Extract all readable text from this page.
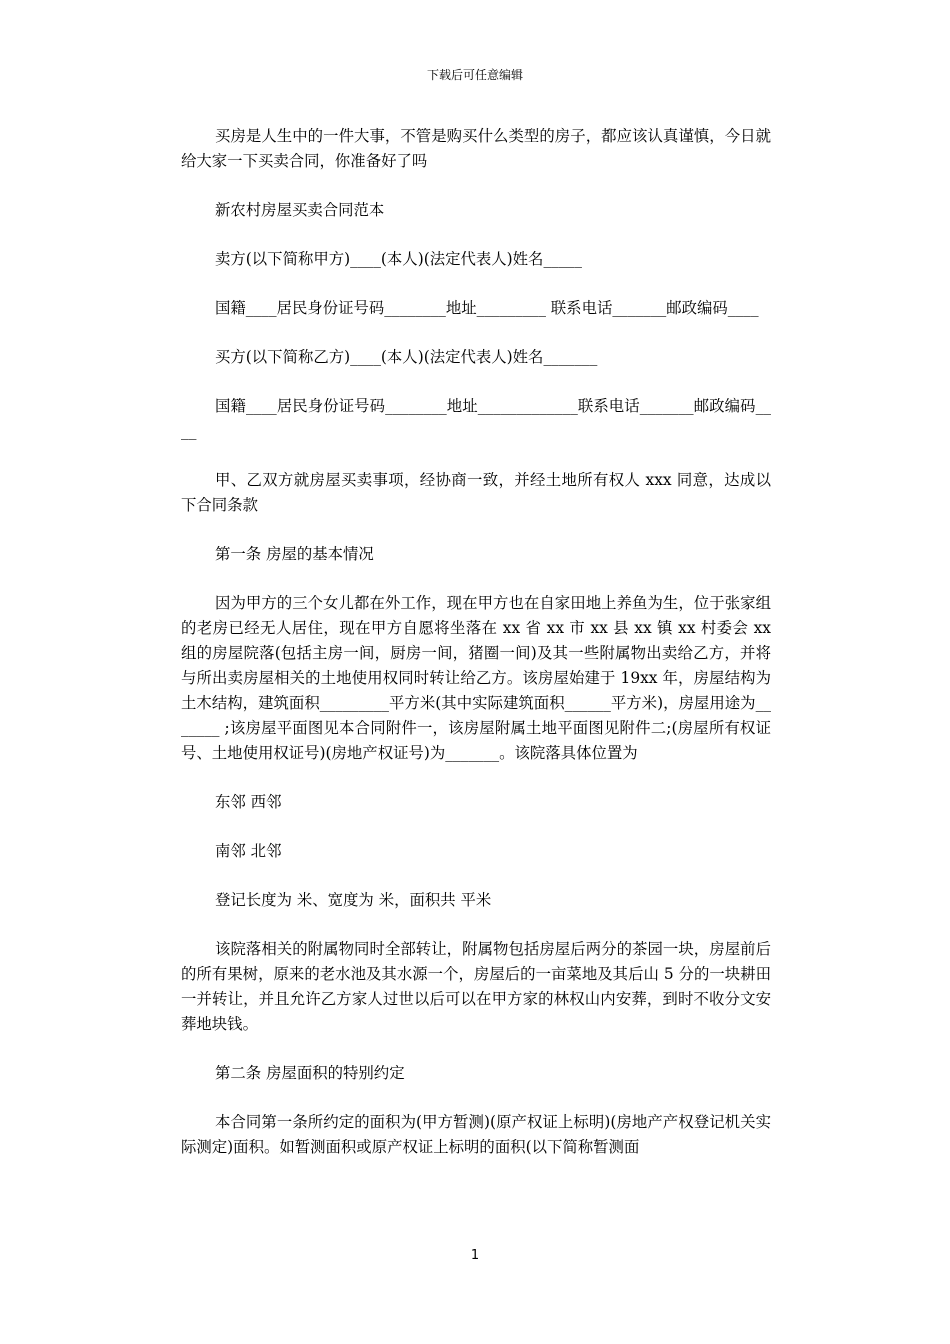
下载后可任意编辑

买房是人生中的一件大事，不管是购买什么类型的房子，都应该认真谨慎，今日就给大家一下买卖合同，你准备好了吗

新农村房屋买卖合同范本

卖方(以下简称甲方)____(本人)(法定代表人)姓名_____

国籍____居民身份证号码________地址_________ 联系电话_______邮政编码____

买方(以下简称乙方)____(本人)(法定代表人)姓名_______

国籍____居民身份证号码________地址_____________联系电话_______邮政编码____

甲、乙双方就房屋买卖事项，经协商一致，并经土地所有权人 xxx 同意，达成以下合同条款

第一条 房屋的基本情况

因为甲方的三个女儿都在外工作，现在甲方也在自家田地上养鱼为生，位于张家组的老房已经无人居住，现在甲方自愿将坐落在 xx 省 xx 市 xx 县 xx 镇 xx 村委会 xx 组的房屋院落(包括主房一间，厨房一间，猪圈一间)及其一些附属物出卖给乙方，并将与所出卖房屋相关的土地使用权同时转让给乙方。该房屋始建于 19xx 年，房屋结构为土木结构，建筑面积_________平方米(其中实际建筑面积______平方米)，房屋用途为_______ ;该房屋平面图见本合同附件一，该房屋附属土地平面图见附件二;(房屋所有权证号、土地使用权证号)(房地产权证号)为_______。该院落具体位置为

东邻 西邻

南邻 北邻

登记长度为 米、宽度为 米，面积共 平米

该院落相关的附属物同时全部转让，附属物包括房屋后两分的茶园一块，房屋前后的所有果树，原来的老水池及其水源一个，房屋后的一亩菜地及其后山 5 分的一块耕田一并转让，并且允许乙方家人过世以后可以在甲方家的林权山内安葬，到时不收分文安葬地块钱。

第二条 房屋面积的特别约定

本合同第一条所约定的面积为(甲方暂测)(原产权证上标明)(房地产产权登记机关实际测定)面积。如暂测面积或原产权证上标明的面积(以下简称暂测面

1
